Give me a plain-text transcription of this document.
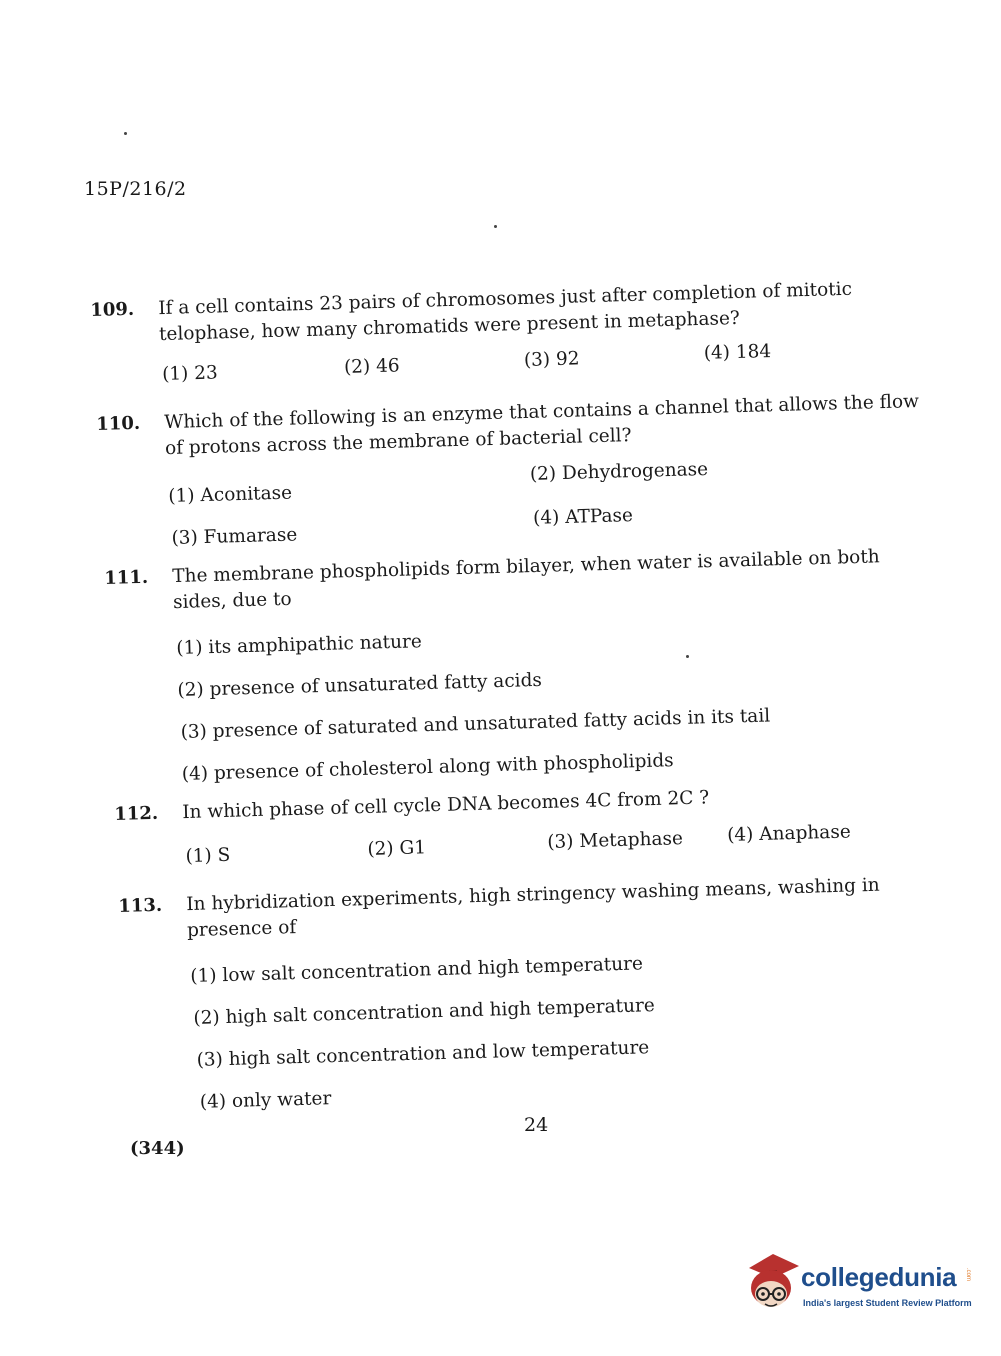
15P/216/2
109. If a cell contains 23 pairs of chromosomes just after completion of mitotic telophase, how many chromatids were present in metaphase?
(1) 23	(2) 46	(3) 92	(4) 184
110. Which of the following is an enzyme that contains a channel that allows the flow of protons across the membrane of bacterial cell?
(1) Aconitase
(2) Dehydrogenase
(3) Fumarase
(4) ATPase
111. The membrane phospholipids form bilayer, when water is available on both sides, due to
(1) its amphipathic nature
(2) presence of unsaturated fatty acids
(3) presence of saturated and unsaturated fatty acids in its tail
(4) presence of cholesterol along with phospholipids
112. In which phase of cell cycle DNA becomes 4C from 2C ?
(1) S	(2) G1	(3) Metaphase (4) Anaphase
113. In hybridization experiments, high stringency washing means, washing in presence of
(1) low salt concentration and high temperature
(2) high salt concentration and high temperature
(3) high salt concentration and low temperature
(4) only water
24
(344)
collegedunia .com
India's largest Student Review Platform
